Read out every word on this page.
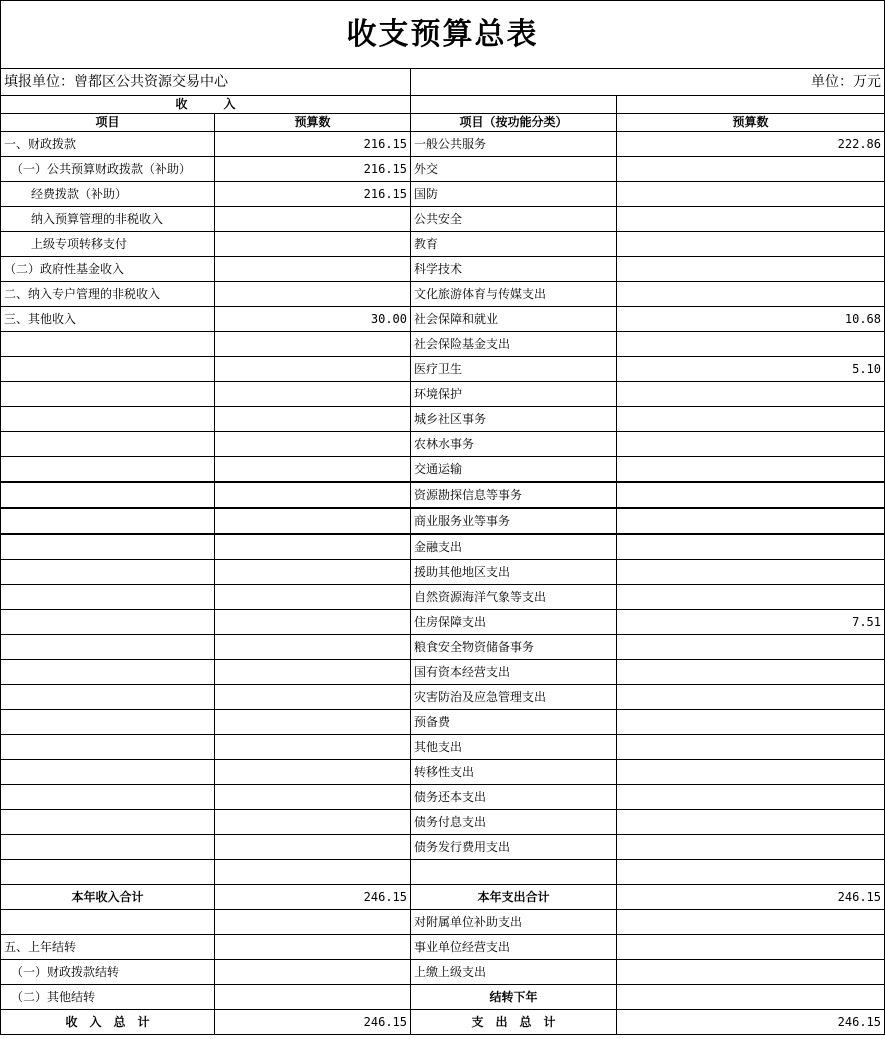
收支预算总表			
填报单位：曾都区公共资源交易中心		单位：万元	
收　　　入			
项目	预算数	项目（按功能分类）	预算数
一、财政拨款	216.15	一般公共服务	222.86
（一）公共预算财政拨款（补助）	216.15	外交	
经费拨款（补助）	216.15	国防	
纳入预算管理的非税收入		公共安全	
上级专项转移支付		教育	
（二）政府性基金收入		科学技术	
二、纳入专户管理的非税收入		文化旅游体育与传媒支出	
三、其他收入	30.00	社会保障和就业	10.68
		社会保险基金支出	
		医疗卫生	5.10
		环境保护	
		城乡社区事务	
		农林水事务	
		交通运输	
		资源勘探信息等事务	
		商业服务业等事务	
		金融支出	
		援助其他地区支出	
		自然资源海洋气象等支出	
		住房保障支出	7.51
		粮食安全物资储备事务	
		国有资本经营支出	
		灾害防治及应急管理支出	
		预备费	
		其他支出	
		转移性支出	
		债务还本支出	
		债务付息支出	
		债务发行费用支出	

本年收入合计	246.15	本年支出合计	246.15
		对附属单位补助支出	
五、上年结转		事业单位经营支出	
（一）财政拨款结转		上缴上级支出	
（二）其他结转		结转下年	
收　入　总　计	246.15	支　出　总　计	246.15
